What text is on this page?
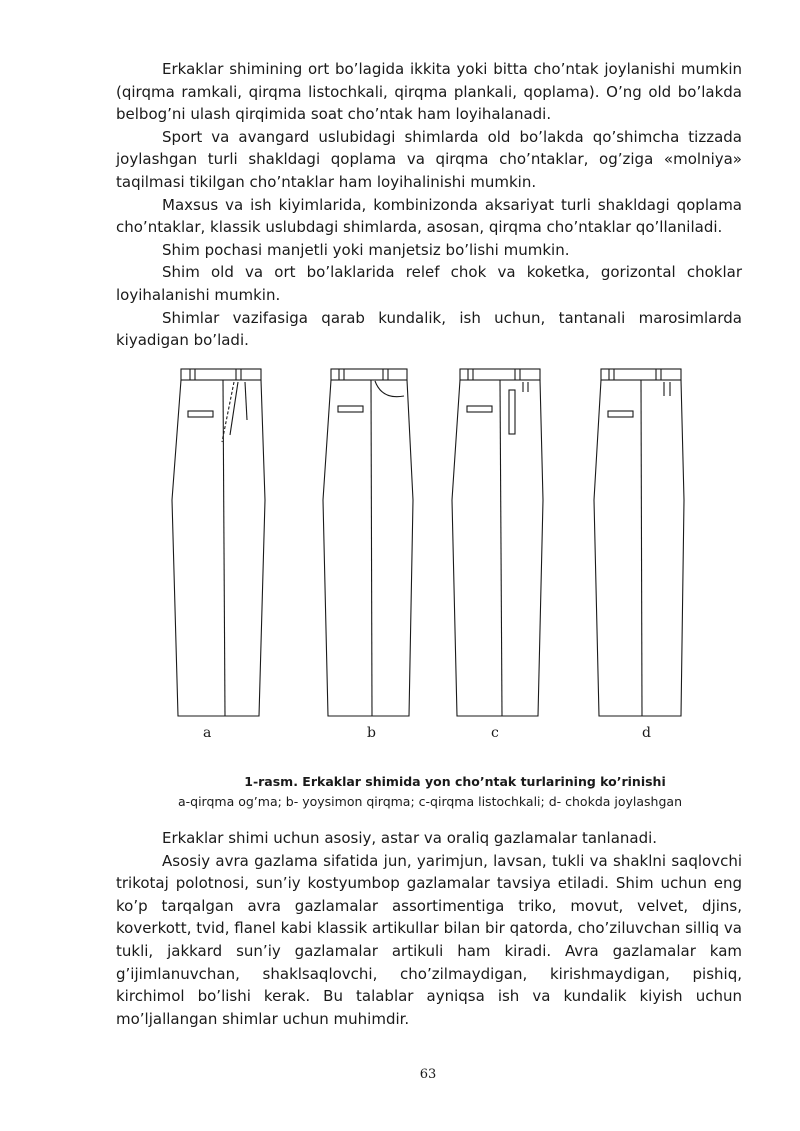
Erkaklar shimining ort bo’lagida ikkita yoki bitta cho’ntak joylanishi mumkin (qirqma ramkali, qirqma listochkali, qirqma plankali, qoplama). O’ng old bo’lakda belbog’ni ulash qirqimida soat cho’ntak ham loyihalanadi.

Sport va avangard uslubidagi shimlarda old bo’lakda qo’shimcha tizzada joylashgan turli shakldagi qoplama va qirqma cho’ntaklar, og’ziga «molniya» taqilmasi tikilgan cho’ntaklar ham loyihalinishi mumkin.

Maxsus va ish kiyimlarida, kombinizonda aksariyat turli shakldagi qoplama cho’ntaklar, klassik uslubdagi shimlarda, asosan, qirqma cho’ntaklar qo’llaniladi.

Shim pochasi manjetli yoki manjetsiz bo’lishi mumkin.

Shim old va ort bo’laklarida relef chok va koketka, gorizontal choklar loyihalanishi mumkin.

Shimlar vazifasiga qarab kundalik, ish uchun, tantanali marosimlarda kiyadigan bo’ladi.

a	b	c	d
1-rasm. Erkaklar shimida yon cho’ntak turlarining ko’rinishi
a-qirqma og’ma; b- yoysimon qirqma; c-qirqma listochkali; d- chokda joylashgan

Erkaklar shimi uchun asosiy, astar va oraliq gazlamalar tanlanadi.

Asosiy avra gazlama sifatida jun, yarimjun, lavsan, tukli va shaklni saqlovchi trikotaj polotnosi, sun’iy kostyumbop gazlamalar tavsiya etiladi. Shim uchun eng ko’p tarqalgan avra gazlamalar assortimentiga triko, movut, velvet, djins, koverkott, tvid, flanel kabi klassik artikullar bilan bir qatorda, cho’ziluvchan silliq va tukli, jakkard sun’iy gazlamalar artikuli ham kiradi. Avra gazlamalar kam g’ijimlanuvchan, shaklsaqlovchi, cho’zilmaydigan, kirishmaydigan, pishiq, kirchimol bo’lishi kerak. Bu talablar ayniqsa ish va kundalik kiyish uchun mo’ljallangan shimlar uchun muhimdir.

63
